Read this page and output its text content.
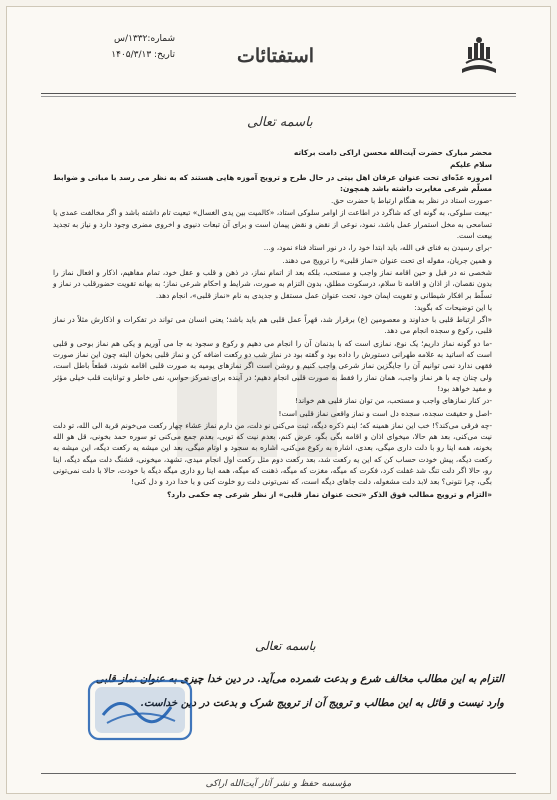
شماره:۱۳۳۲/س
تاریخ: ۱۴۰۵/۳/۱۳	استفتائات
باسمه تعالی

محضر مبارک حضرت آیت‌الله محسن اراکی دامت برکاته

سلام علیکم

امروزه عدّه‌ای تحت عنوان عرفان اهل بیتی در حال طرح و ترویج آموزه هایی هستند که به نظر می رسد با مبانی و ضوابط مسلّم شرعی مغایرت داشته باشد همچون:

-صورت استاد در نظر به هنگام ارتباط با حضرت حق.

-بیعت سلوکی، به گونه ای که شاگرد در اطاعت از اوامر سلوکی استاد، «کالمیت بین یدی الغسال» تبعیت تام داشته باشد و اگر مخالفت عمدی یا تسامحی به مخل استمرار عمل باشد، نمود، نوعی از نقض و نقض پیمان است و برای آن تبعات دنیوی و اخروی مضری وجود دارد و نیاز به تجدید بیعت است.

-برای رسیدن به فنای فی الله، باید ابتدا خود را، در نور استاد فناء نمود، و...

و همین جریان، مقوله ای تحت عنوان «نماز قلبی» را ترویج می دهند.

شخصی نه در قبل و حین اقامه نماز واجب و مستحب، بلکه بعد از اتمام نماز، در ذهن و قلب و عقل خود، تمام مفاهیم، اذکار و افعال نماز را بدون نقصان، از اذان و اقامه تا سلام، درسکوت مطلق، بدون التزام به صورت، شرایط و احکام شرعی نماز؛ به بهانه تقویت حضورقلب در نماز و تسلّط بر افکار شیطانی و تقویت ایمان خود، تحت عنوان عمل مستقل و جدیدی به نام «نماز قلبی»، انجام دهد.

با این توضیحات که بگوید:

«اگر ارتباط قلبی با خداوند و معصومین (ع) برقرار شد، قهراً عمل قلبی هم باید باشد؛ یعنی انسان می تواند در تفکرات و اذکارش مثلاً در نماز قلبی، رکوع و سجده انجام می دهد.

-ما دو گونه نماز داریم؛ یک نوع، نمازی است که با بدنمان آن را انجام می دهیم و رکوع و سجود به جا می آوریم و یکی هم نماز بوحی و قلبی است که اساتید به علامه طهرانی دستورش را داده بود و گفته بود در نماز شب دو رکعت اضافه کن و نماز قلبی بخوان البته چون این نماز صورت فقهی ندارد نمی توانیم آن را جایگزین نماز شرعی واجب کنیم و روشن است اگر نمازهای یومیه به صورت قلبی اقامه شوند، قطعاً باطل است، ولی چنان چه با هر نماز واجب، همان نماز را فقط به صورت قلبی انجام دهیم؛ در آینده برای تمرکز حواس، نفی خاطر و توانایت قلب خیلی مؤثر و مفید خواهد بود!

-در کنار نمازهای واجب و مستحب، من توان نماز قلبی هم خواند!

-اصل و حقیقت سجده، سجده دل است و نماز واقعی نماز قلبی است!

-چه فرقی می‌کند؟! خب این نماز همینه که؛ اینم ذکره دیگه، ثبت می‌کنی نو دلت، من دارم نماز عشاء چهار رکعت می‌خونم قربة الی الله، تو دلت نیت می‌کنی، بعد هم حالا، میخوای اذان و اقامه بگی بگو، عرض کنم، بعدم نیت که تویی، بعدم جمع می‌کنی تو سوره حمد بخونی، قل هو الله بخونه، همه اینا رو با دلت داری میگی، بعدی، اشاره به رکوع می‌کنی، اشاره به سجود و اوتام میگی، بعد این میشه یه رکعت دیگه، این میشه به رکعت دیگه، پیش خودت حساب کن که این یه رکعت شد، بعد رکعت دوم مثل رکعت اول انجام میدی، تشهد، میخونی، قشنگ دلت میگه دیگه، اینا رو، حالا اگر دلت تنگ شد غفلت کرد، فکرت که میگه، مغزت که میگه، ذهنت که میگه، همه اینا رو داری میگه دیگه با خودت، حالا با دلت نمی‌تونی بگی، چرا نتونی؟ بعد لابد دلت مشغوله، دلت جاهای دیگه است، که نمی‌تونی دلت رو خلوت کنی و با خدا درد و دل کنی!

«التزام و ترویج مطالب فوق الذکر «تحت عنوان نماز قلبی» از نظر شرعی چه حکمی دارد؟

باسمه تعالی
التزام به این مطالب مخالف شرع و بدعت شمرده می‌آید. در دین خدا چیزی به عنوان نماز قلبی وارد نیست و قائل به این مطالب و ترویج آن از ترویج شرک و بدعت در دین خداست.
مؤسسه حفظ و نشر آثار آیت‌الله اراکی
